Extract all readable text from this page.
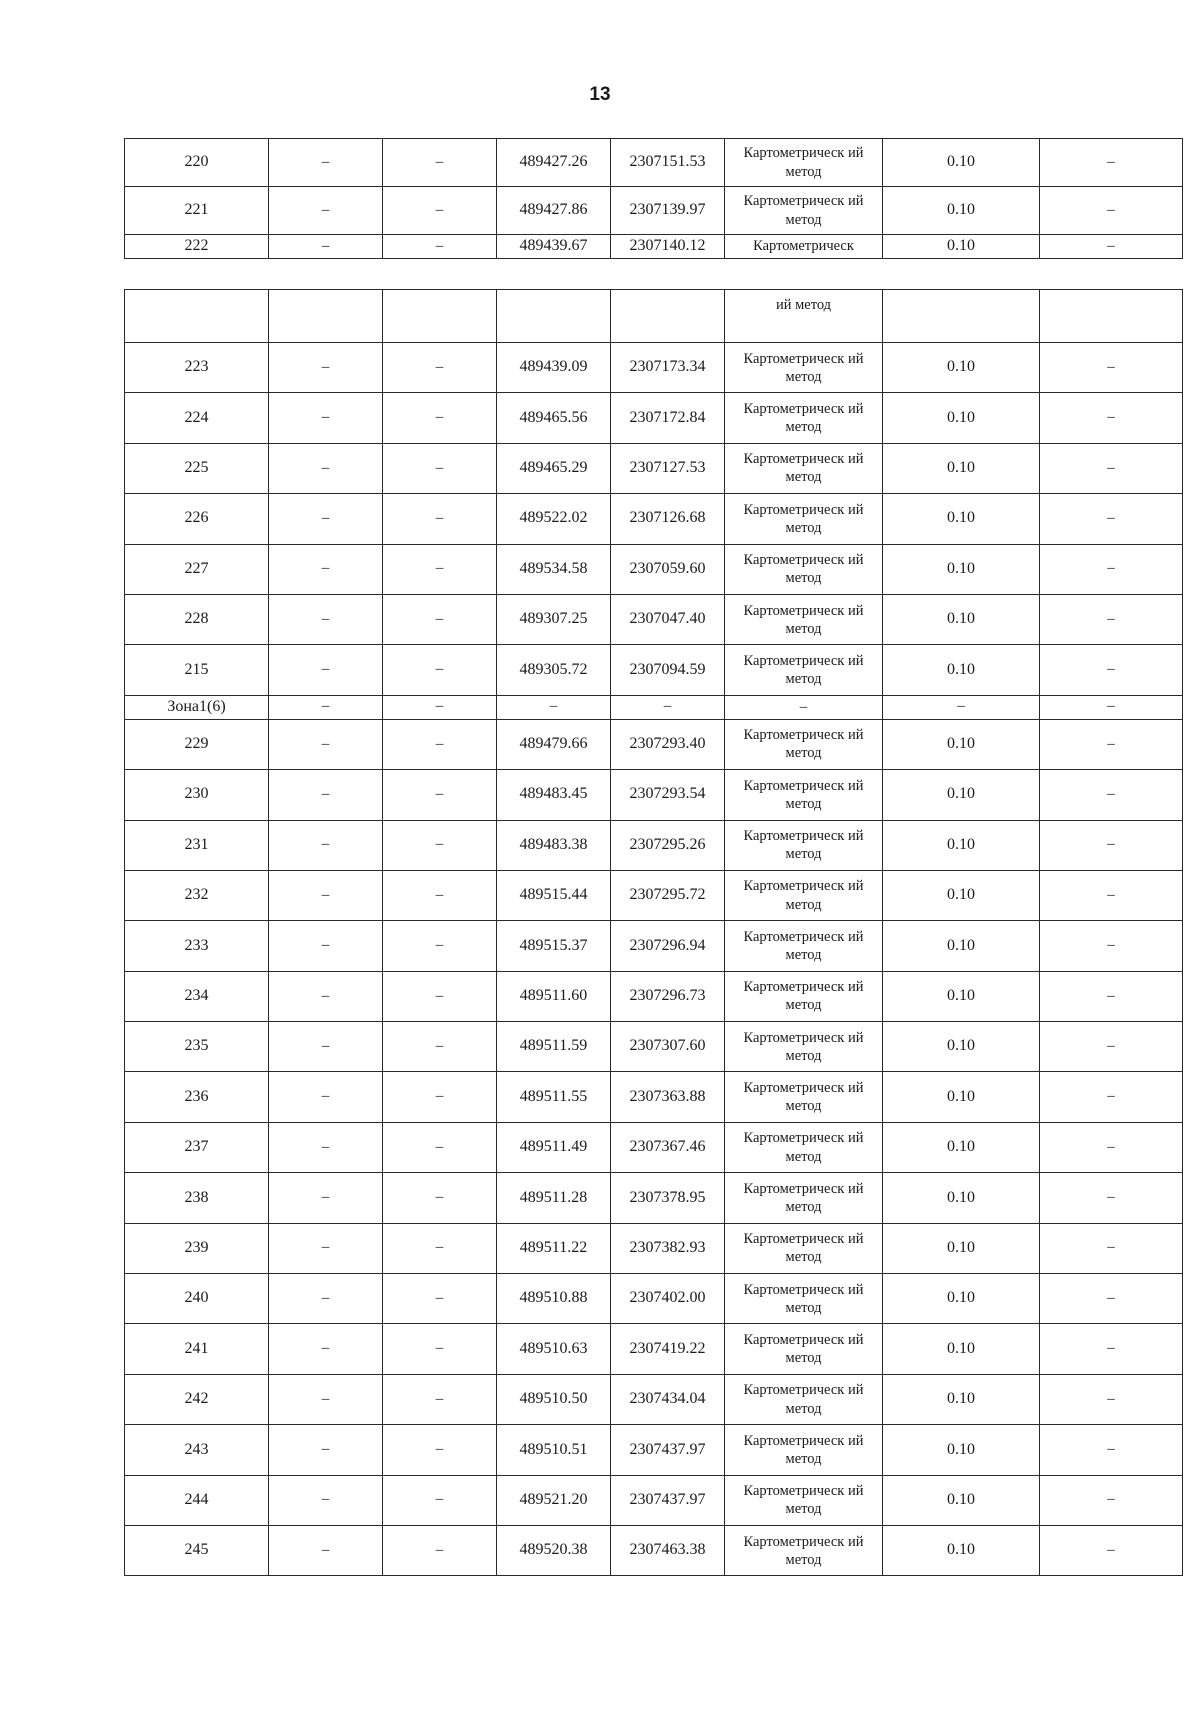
13
220	–	–	489427.26	2307151.53	Картометрическ ий метод	0.10	–
221	–	–	489427.86	2307139.97	Картометрическ ий метод	0.10	–
222	–	–	489439.67	2307140.12	Картометрическ	0.10	–
					ий метод		
223	–	–	489439.09	2307173.34	Картометрическ ий метод	0.10	–
224	–	–	489465.56	2307172.84	Картометрическ ий метод	0.10	–
225	–	–	489465.29	2307127.53	Картометрическ ий метод	0.10	–
226	–	–	489522.02	2307126.68	Картометрическ ий метод	0.10	–
227	–	–	489534.58	2307059.60	Картометрическ ий метод	0.10	–
228	–	–	489307.25	2307047.40	Картометрическ ий метод	0.10	–
215	–	–	489305.72	2307094.59	Картометрическ ий метод	0.10	–
Зона1(6)	–	–	–	–	–	–	–
229	–	–	489479.66	2307293.40	Картометрическ ий метод	0.10	–
230	–	–	489483.45	2307293.54	Картометрическ ий метод	0.10	–
231	–	–	489483.38	2307295.26	Картометрическ ий метод	0.10	–
232	–	–	489515.44	2307295.72	Картометрическ ий метод	0.10	–
233	–	–	489515.37	2307296.94	Картометрическ ий метод	0.10	–
234	–	–	489511.60	2307296.73	Картометрическ ий метод	0.10	–
235	–	–	489511.59	2307307.60	Картометрическ ий метод	0.10	–
236	–	–	489511.55	2307363.88	Картометрическ ий метод	0.10	–
237	–	–	489511.49	2307367.46	Картометрическ ий метод	0.10	–
238	–	–	489511.28	2307378.95	Картометрическ ий метод	0.10	–
239	–	–	489511.22	2307382.93	Картометрическ ий метод	0.10	–
240	–	–	489510.88	2307402.00	Картометрическ ий метод	0.10	–
241	–	–	489510.63	2307419.22	Картометрическ ий метод	0.10	–
242	–	–	489510.50	2307434.04	Картометрическ ий метод	0.10	–
243	–	–	489510.51	2307437.97	Картометрическ ий метод	0.10	–
244	–	–	489521.20	2307437.97	Картометрическ ий метод	0.10	–
245	–	–	489520.38	2307463.38	Картометрическ ий метод	0.10	–
